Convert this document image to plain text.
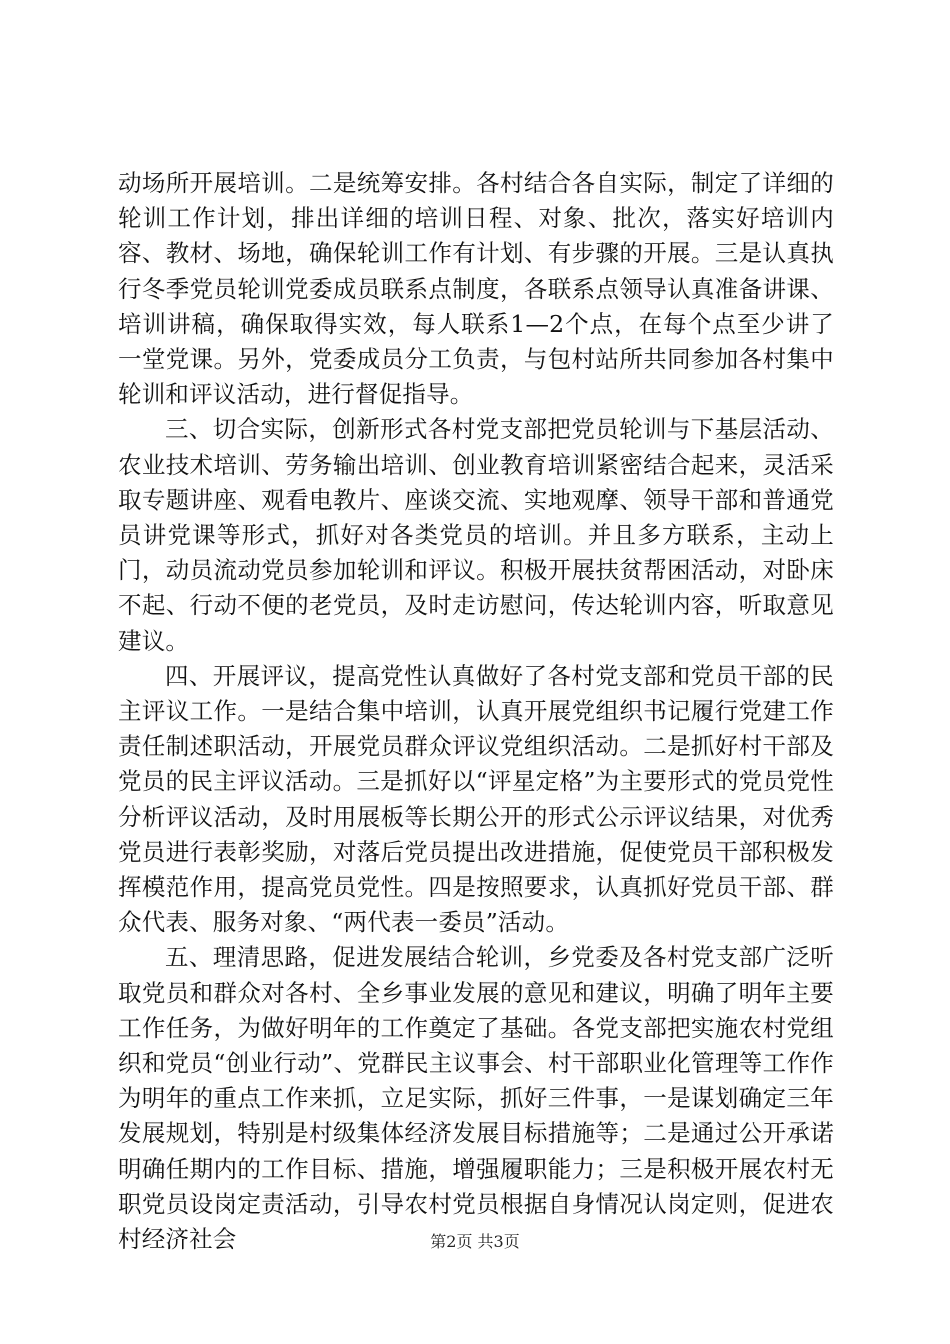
动场所开展培训。二是统筹安排。各村结合各自实际，制定了详细的轮训工作计划，排出详细的培训日程、对象、批次，落实好培训内容、教材、场地，确保轮训工作有计划、有步骤的开展。三是认真执行冬季党员轮训党委成员联系点制度，各联系点领导认真准备讲课、培训讲稿，确保取得实效，每人联系1—2个点，在每个点至少讲了一堂党课。另外，党委成员分工负责，与包村站所共同参加各村集中轮训和评议活动，进行督促指导。

三、切合实际，创新形式各村党支部把党员轮训与下基层活动、农业技术培训、劳务输出培训、创业教育培训紧密结合起来，灵活采取专题讲座、观看电教片、座谈交流、实地观摩、领导干部和普通党员讲党课等形式，抓好对各类党员的培训。并且多方联系，主动上门，动员流动党员参加轮训和评议。积极开展扶贫帮困活动，对卧床不起、行动不便的老党员，及时走访慰问，传达轮训内容，听取意见建议。

四、开展评议，提高党性认真做好了各村党支部和党员干部的民主评议工作。一是结合集中培训，认真开展党组织书记履行党建工作责任制述职活动，开展党员群众评议党组织活动。二是抓好村干部及党员的民主评议活动。三是抓好以“评星定格”为主要形式的党员党性分析评议活动，及时用展板等长期公开的形式公示评议结果，对优秀党员进行表彰奖励，对落后党员提出改进措施，促使党员干部积极发挥模范作用，提高党员党性。四是按照要求，认真抓好党员干部、群众代表、服务对象、“两代表一委员”活动。

五、理清思路，促进发展结合轮训，乡党委及各村党支部广泛听取党员和群众对各村、全乡事业发展的意见和建议，明确了明年主要工作任务，为做好明年的工作奠定了基础。各党支部把实施农村党组织和党员“创业行动”、党群民主议事会、村干部职业化管理等工作作为明年的重点工作来抓，立足实际，抓好三件事，一是谋划确定三年发展规划，特别是村级集体经济发展目标措施等；二是通过公开承诺明确任期内的工作目标、措施，增强履职能力；三是积极开展农村无职党员设岗定责活动，引导农村党员根据自身情况认岗定则，促进农村经济社会	第2页 共3页
